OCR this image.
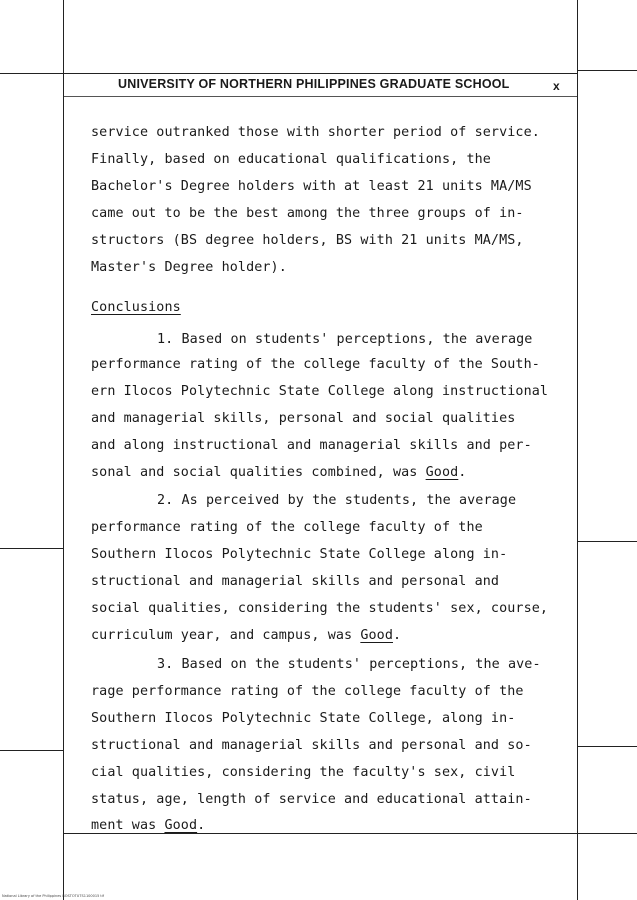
UNIVERSITY OF NORTHERN PHILIPPINES GRADUATE SCHOOL	x
service outranked those with shorter period of service.
Finally, based on educational qualifications, the
Bachelor's Degree holders with at least 21 units MA/MS
came out to be the best among the three groups of in-
structors (BS degree holders, BS with 21 units MA/MS,
Master's Degree holder).
Conclusions
1. Based on students' perceptions, the average
performance rating of the college faculty of the South-
ern Ilocos Polytechnic State College along instructional
and managerial skills, personal and social qualities
and along instructional and managerial skills and per-
sonal and social qualities combined, was Good.
2. As perceived by the students, the average
performance rating of the college faculty of the
Southern Ilocos Polytechnic State College along in-
structional and managerial skills and personal and
social qualities, considering the students' sex, course,
curriculum year, and campus, was Good.
3. Based on the students' perceptions, the ave-
rage performance rating of the college faculty of the
Southern Ilocos Polytechnic State College, along in-
structional and managerial skills and personal and so-
cial qualities, considering the faculty's sex, civil
status, age, length of service and educational attain-
ment was Good.
National Library of the Philippines ROSTOTUTS1100015 tif
